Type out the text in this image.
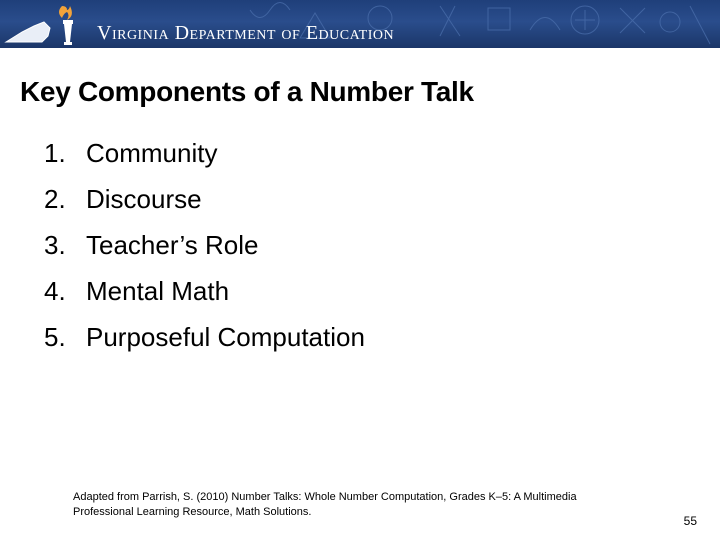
Virginia Department of Education
Key Components of a Number Talk
1. Community
2. Discourse
3. Teacher’s Role
4. Mental Math
5. Purposeful Computation
Adapted from Parrish, S. (2010) Number Talks: Whole Number Computation, Grades K–5: A Multimedia Professional Learning Resource, Math Solutions.
55
